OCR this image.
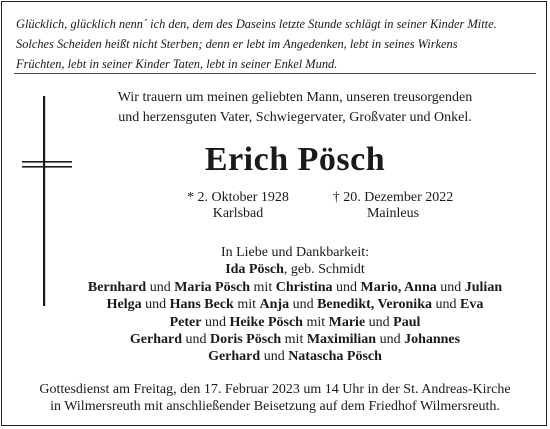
Glücklich, glücklich nenn´ ich den, dem des Daseins letzte Stunde schlägt in seiner Kinder Mitte.
Solches Scheiden heißt nicht Sterben; denn er lebt im Angedenken, lebt in seines Wirkens
Früchten, lebt in seiner Kinder Taten, lebt in seiner Enkel Mund.
Wir trauern um meinen geliebten Mann, unseren treusorgenden
und herzensguten Vater, Schwiegervater, Großvater und Onkel.
Erich Pösch
* 2. Oktober 1928
Karlsbad
† 20. Dezember 2022
Mainleus
In Liebe und Dankbarkeit:
Ida Pösch, geb. Schmidt
Bernhard und Maria Pösch mit Christina und Mario, Anna und Julian
Helga und Hans Beck mit Anja und Benedikt, Veronika und Eva
Peter und Heike Pösch mit Marie und Paul
Gerhard und Doris Pösch mit Maximilian und Johannes
Gerhard und Natascha Pösch
Gottesdienst am Freitag, den 17. Februar 2023 um 14 Uhr in der St. Andreas-Kirche
in Wilmersreuth mit anschließender Beisetzung auf dem Friedhof Wilmersreuth.
